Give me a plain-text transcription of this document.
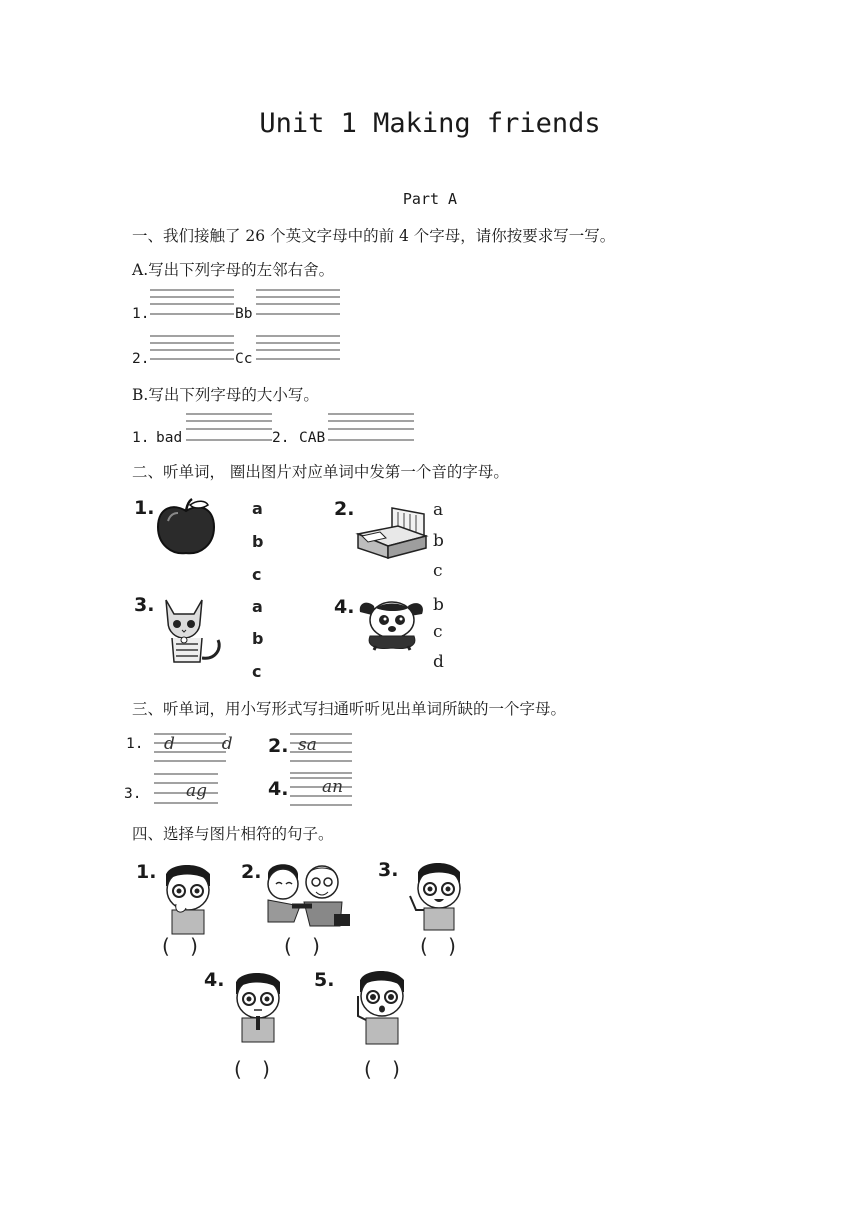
Unit 1 Making friends
Part A
一、我们接触了 26 个英文字母中的前 4 个字母，请你按要求写一写。
A.写出下列字母的左邻右舍。
1.	Bb
2.	Cc
B.写出下列字母的大小写。
1. bad	2. CAB
二、听单词， 圈出图片对应单词中发第一个音的字母。
1.	a
b
c
2.	a
b
c
3.	a
b
c
4.	b
c
d
三、听单词，用小写形式写扫通听听见出单词所缺的一个字母。
1. d  d 2. sa
3.	ag	4. an
四、选择与图片相符的句子。
1.
( )
2.
( )
3.
( )
4.
( )
5.
( )
